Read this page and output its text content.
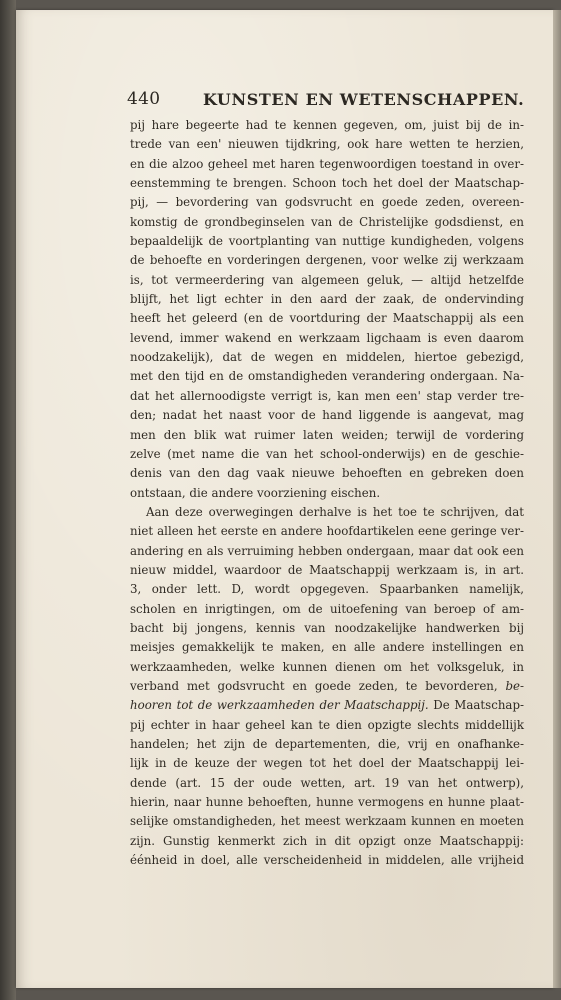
440	KUNSTEN EN WETENSCHAPPEN.
pij hare begeerte had te kennen gegeven, om, juist bij de in-
trede van een' nieuwen tijdkring, ook hare wetten te herzien,
en die alzoo geheel met haren tegenwoordigen toestand in over-
eenstemming te brengen. Schoon toch het doel der Maatschap-
pij, — bevordering van godsvrucht en goede zeden, overeen-
komstig de grondbeginselen van de Christelijke godsdienst, en
bepaaldelijk de voortplanting van nuttige kundigheden, volgens
de behoefte en vorderingen dergenen, voor welke zij werkzaam
is, tot vermeerdering van algemeen geluk, — altijd hetzelfde
blijft, het ligt echter in den aard der zaak, de ondervinding
heeft het geleerd (en de voortduring der Maatschappij als een
levend, immer wakend en werkzaam ligchaam is even daarom
noodzakelijk), dat de wegen en middelen, hiertoe gebezigd,
met den tijd en de omstandigheden verandering ondergaan. Na-
dat het allernoodigste verrigt is, kan men een' stap verder tre-
den; nadat het naast voor de hand liggende is aangevat, mag
men den blik wat ruimer laten weiden; terwijl de vordering
zelve (met name die van het school-onderwijs) en de geschie-
denis van den dag vaak nieuwe behoeften en gebreken doen
ontstaan, die andere voorziening eischen.
Aan deze overwegingen derhalve is het toe te schrijven, dat
niet alleen het eerste en andere hoofdartikelen eene geringe ver-
andering en als verruiming hebben ondergaan, maar dat ook een
nieuw middel, waardoor de Maatschappij werkzaam is, in art.
3, onder lett. D, wordt opgegeven. Spaarbanken namelijk,
scholen en inrigtingen, om de uitoefening van beroep of am-
bacht bij jongens, kennis van noodzakelijke handwerken bij
meisjes gemakkelijk te maken, en alle andere instellingen en
werkzaamheden, welke kunnen dienen om het volksgeluk, in
verband met godsvrucht en goede zeden, te bevorderen, be-
hooren tot de werkzaamheden der Maatschappij. De Maatschap-
pij echter in haar geheel kan te dien opzigte slechts middellijk
handelen; het zijn de departementen, die, vrij en onafhanke-
lijk in de keuze der wegen tot het doel der Maatschappij lei-
dende (art. 15 der oude wetten, art. 19 van het ontwerp),
hierin, naar hunne behoeften, hunne vermogens en hunne plaat-
selijke omstandigheden, het meest werkzaam kunnen en moeten
zijn. Gunstig kenmerkt zich in dit opzigt onze Maatschappij:
éénheid in doel, alle verscheidenheid in middelen, alle vrijheid
